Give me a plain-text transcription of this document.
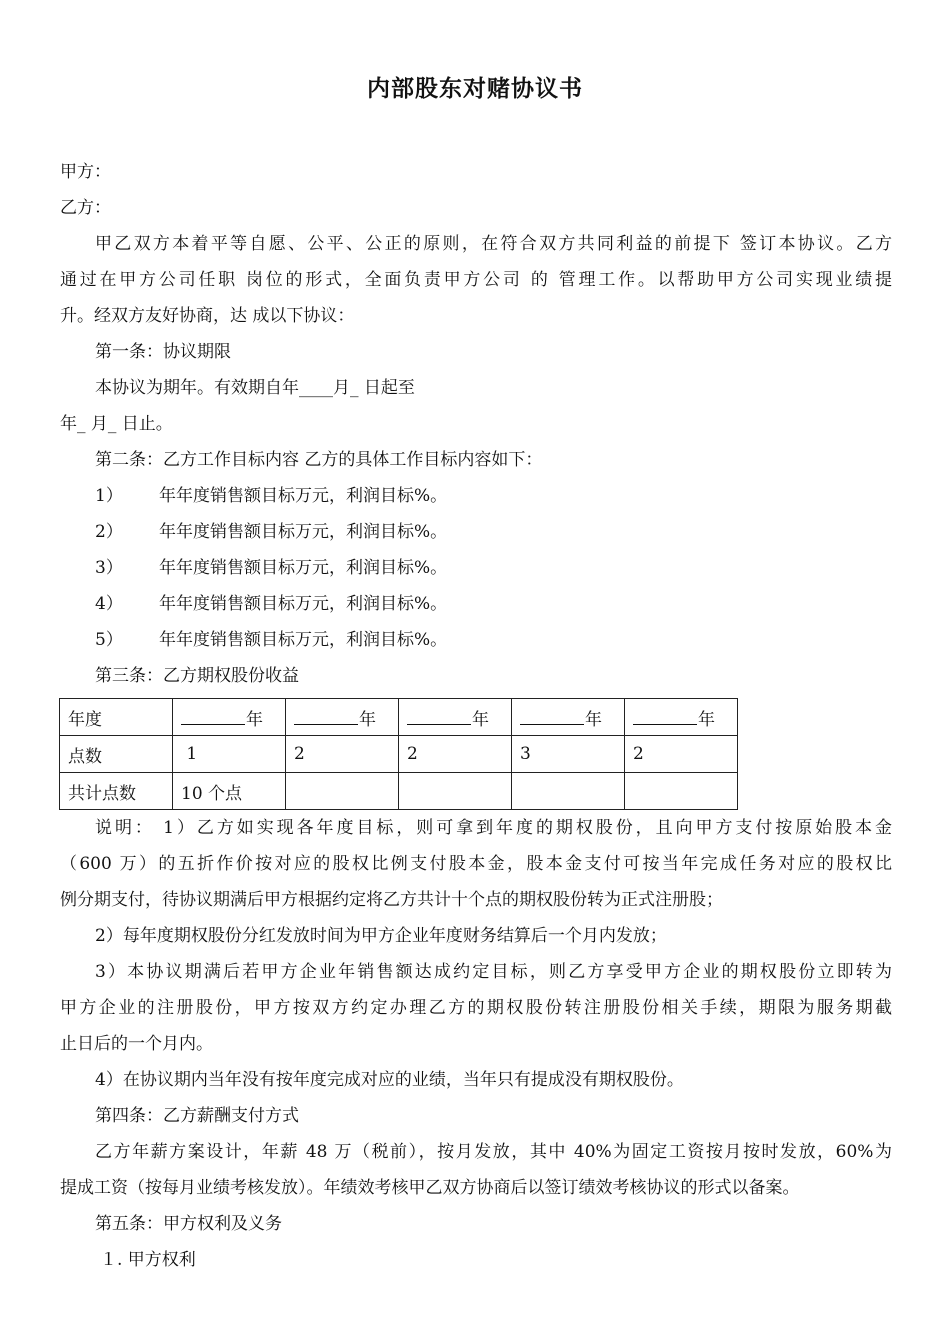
内部股东对赌协议书
甲方：
乙方：
甲乙双方本着平等自愿、公平、公正的原则，在符合双方共同利益的前提下 签订本协议。乙方
通过在甲方公司任职 岗位的形式，全面负责甲方公司 的 管理工作。以帮助甲方公司实现业绩提
升。经双方友好协商，达 成以下协议：
第一条：协议期限
本协议为期年。有效期自年____月_ 日起至
年_ 月_ 日止。
第二条：乙方工作目标内容 乙方的具体工作目标内容如下：
1） 年年度销售额目标万元，利润目标%。
2） 年年度销售额目标万元，利润目标%。
3） 年年度销售额目标万元，利润目标%。
4） 年年度销售额目标万元，利润目标%。
5） 年年度销售额目标万元，利润目标%。
第三条：乙方期权股份收益
年度	年	年	年	年	年
点数	1	2	2	3	2
共计点数	10 个点				
说明： 1）乙方如实现各年度目标，则可拿到年度的期权股份，且向甲方支付按原始股本金
（600 万）的五折作价按对应的股权比例支付股本金，股本金支付可按当年完成任务对应的股权比
例分期支付，待协议期满后甲方根据约定将乙方共计十个点的期权股份转为正式注册股；
2）每年度期权股份分红发放时间为甲方企业年度财务结算后一个月内发放；
3）本协议期满后若甲方企业年销售额达成约定目标，则乙方享受甲方企业的期权股份立即转为
甲方企业的注册股份，甲方按双方约定办理乙方的期权股份转注册股份相关手续，期限为服务期截
止日后的一个月内。
4）在协议期内当年没有按年度完成对应的业绩，当年只有提成没有期权股份。
第四条：乙方薪酬支付方式
乙方年薪方案设计，年薪 48 万（税前），按月发放，其中 40%为固定工资按月按时发放，60%为
提成工资（按每月业绩考核发放）。年绩效考核甲乙双方协商后以签订绩效考核协议的形式以备案。
第五条：甲方权利及义务
１. 甲方权利
